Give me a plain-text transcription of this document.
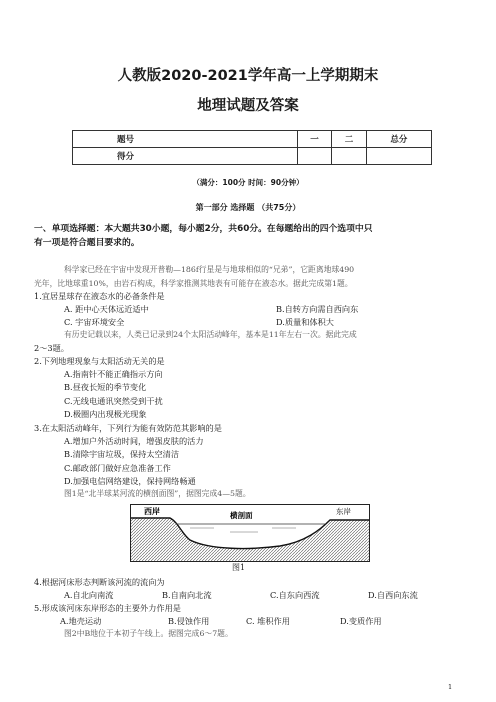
人教版2020-2021学年高一上学期期末
地理试题及答案
题号	一	二	总分
得分			
（满分：100分 时间：90分钟）
第一部分 选择题 （共75分）
一、单项选择题：本大题共30小题，每小题2分，共60分。在每题给出的四个选项中只
有一项是符合题目要求的。
科学家已经在宇宙中发现开普勒—186f行星是与地球相似的“兄弟”，它距离地球490
光年，比地球重10%，由岩石构成，科学家推测其地表有可能存在液态水。据此完成第1题。
1.宜居星球存在液态水的必备条件是
A. 距中心天体远近适中	B.自转方向需自西向东
C. 宇宙环境安全	D.质量和体积大
有历史记载以来，人类已记录到24个太阳活动峰年，基本是11年左右一次。据此完成
2～3题。
2.下列地理现象与太阳活动无关的是
A.指南针不能正确指示方向
B.昼夜长短的季节变化
C.无线电通讯突然受到干扰
D.极圈内出现极光现象
3.在太阳活动峰年，下列行为能有效防范其影响的是
A.增加户外活动时间，增强皮肤的活力
B.清除宇宙垃圾，保持太空清洁
C.邮政部门做好应急准备工作
D.加强电信网络建设，保持网络畅通
图1是“北半球某河流的横剖面图”，据图完成4—5题。
西岸	横剖面	东岸
图1
4.根据河床形态判断该河流的流向为
A.自北向南流	B.自南向北流	C.自东向西流	D.自西向东流
5.形成该河床东岸形态的主要外力作用是
A.地壳运动	B.侵蚀作用	C. 堆积作用	D.变质作用
图2中B地位于本初子午线上。据图完成6～7题。
1
